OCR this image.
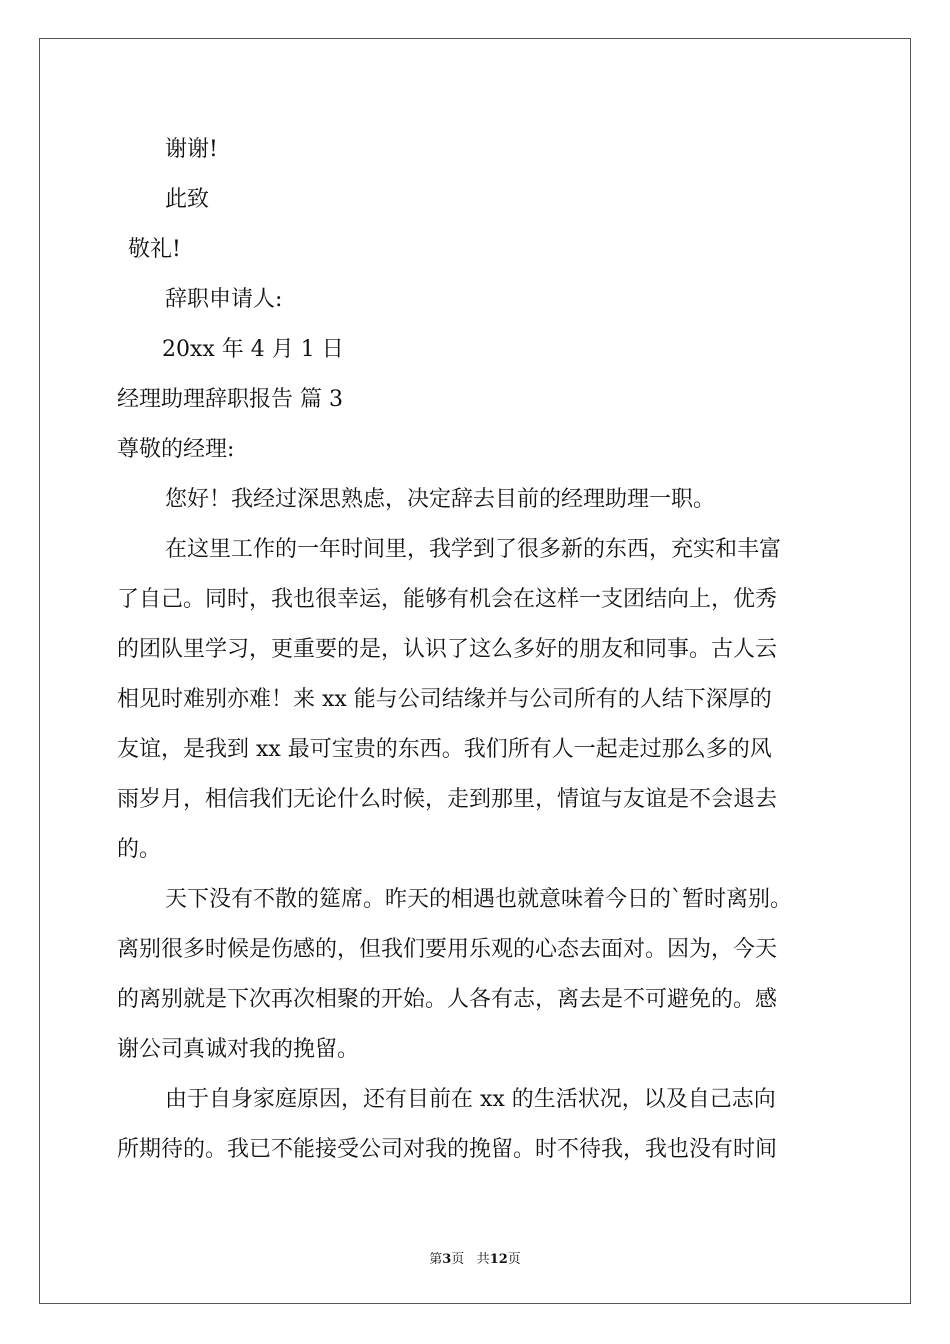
谢谢!
此致
敬礼!
辞职申请人:
20xx 年 4 月 1 日
经理助理辞职报告 篇 3
尊敬的经理:
您好！我经过深思熟虑，决定辞去目前的经理助理一职。
在这里工作的一年时间里，我学到了很多新的东西，充实和丰富
了自己。同时，我也很幸运，能够有机会在这样一支团结向上，优秀
的团队里学习，更重要的是，认识了这么多好的朋友和同事。古人云
相见时难别亦难！来 xx 能与公司结缘并与公司所有的人结下深厚的
友谊，是我到 xx 最可宝贵的东西。我们所有人一起走过那么多的风
雨岁月，相信我们无论什么时候，走到那里，情谊与友谊是不会退去
的。
天下没有不散的筵席。昨天的相遇也就意味着今日的`暂时离别。
离别很多时候是伤感的，但我们要用乐观的心态去面对。因为，今天
的离别就是下次再次相聚的开始。人各有志，离去是不可避免的。感
谢公司真诚对我的挽留。
由于自身家庭原因，还有目前在 xx 的生活状况，以及自己志向
所期待的。我已不能接受公司对我的挽留。时不待我，我也没有时间
第3页 共12页
